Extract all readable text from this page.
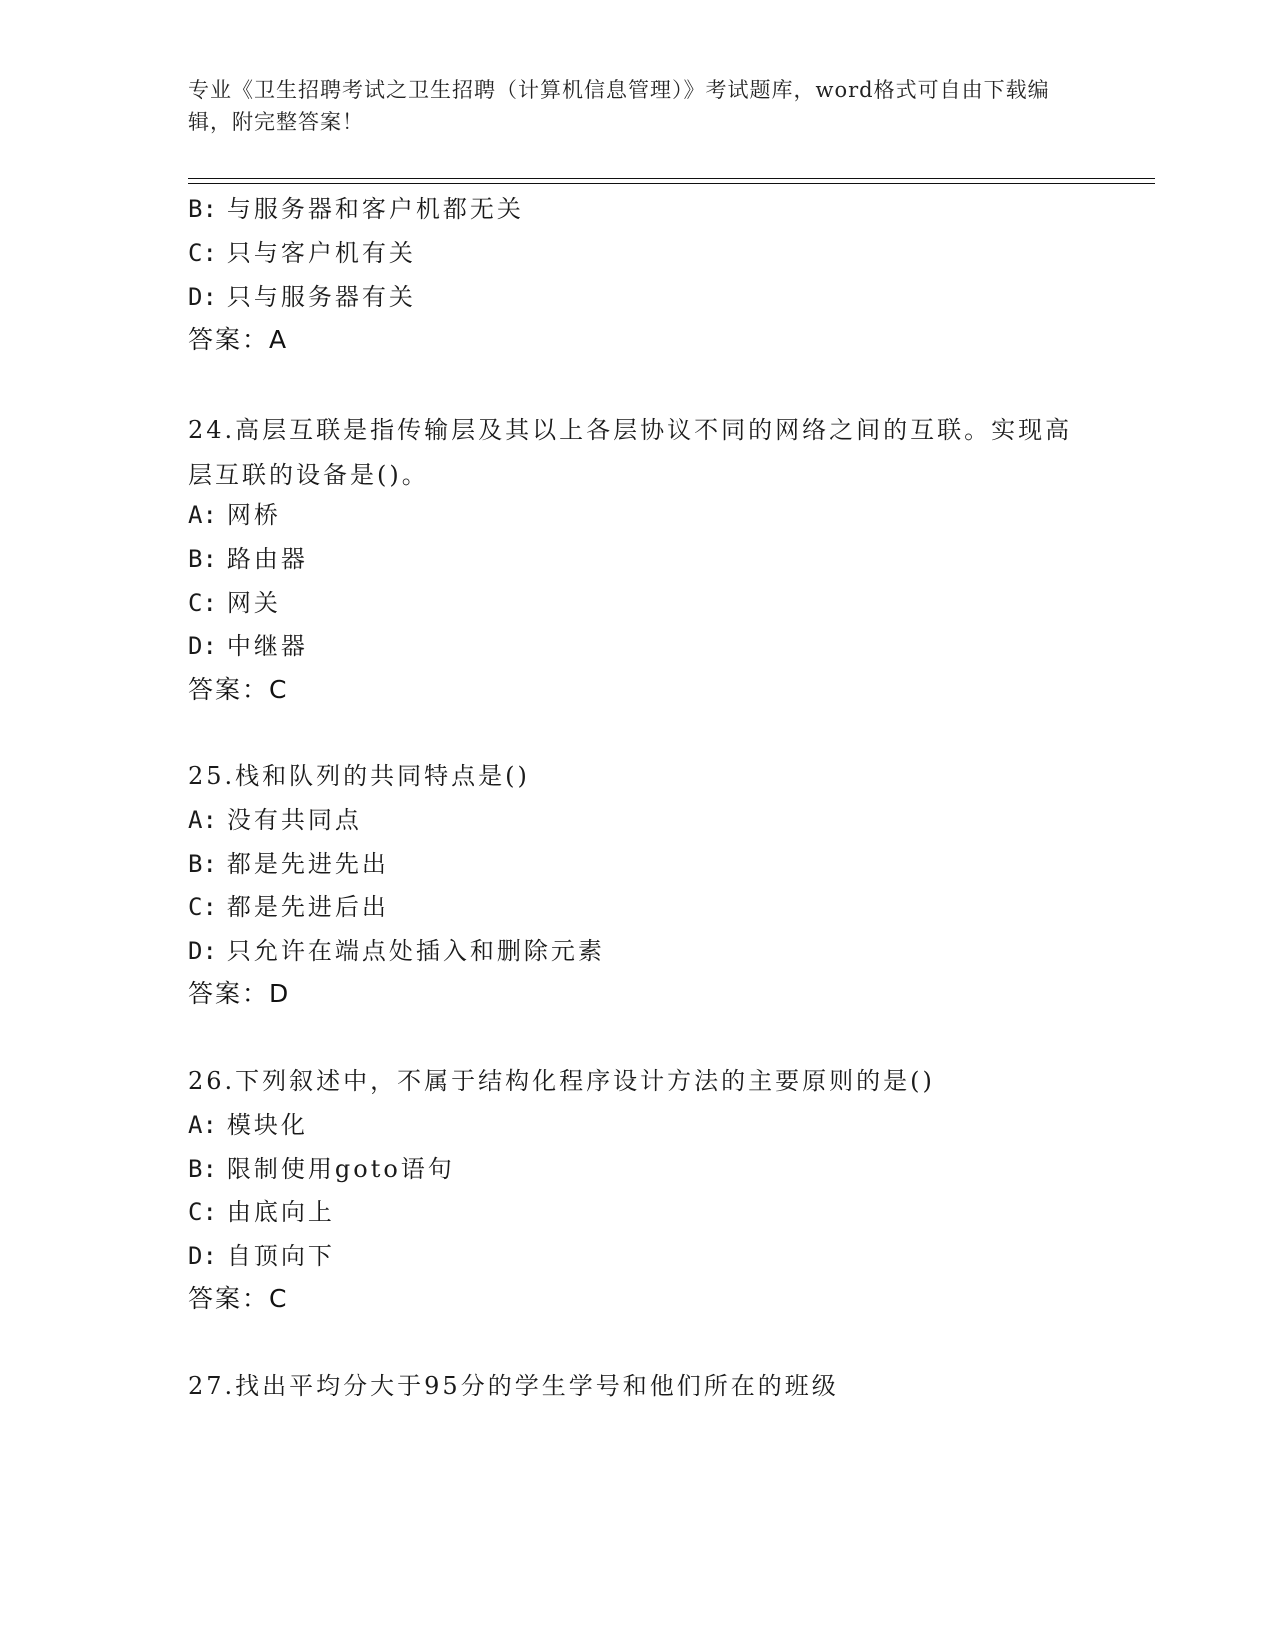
专业《卫生招聘考试之卫生招聘（计算机信息管理）》考试题库，word格式可自由下载编辑，附完整答案！
B: 与服务器和客户机都无关
C: 只与客户机有关
D: 只与服务器有关
答案：A
24.高层互联是指传输层及其以上各层协议不同的网络之间的互联。实现高层互联的设备是()。
A: 网桥
B: 路由器
C: 网关
D: 中继器
答案：C
25.栈和队列的共同特点是()
A: 没有共同点
B: 都是先进先出
C: 都是先进后出
D: 只允许在端点处插入和删除元素
答案：D
26.下列叙述中，不属于结构化程序设计方法的主要原则的是()
A: 模块化
B: 限制使用goto语句
C: 由底向上
D: 自顶向下
答案：C
27.找出平均分大于95分的学生学号和他们所在的班级
